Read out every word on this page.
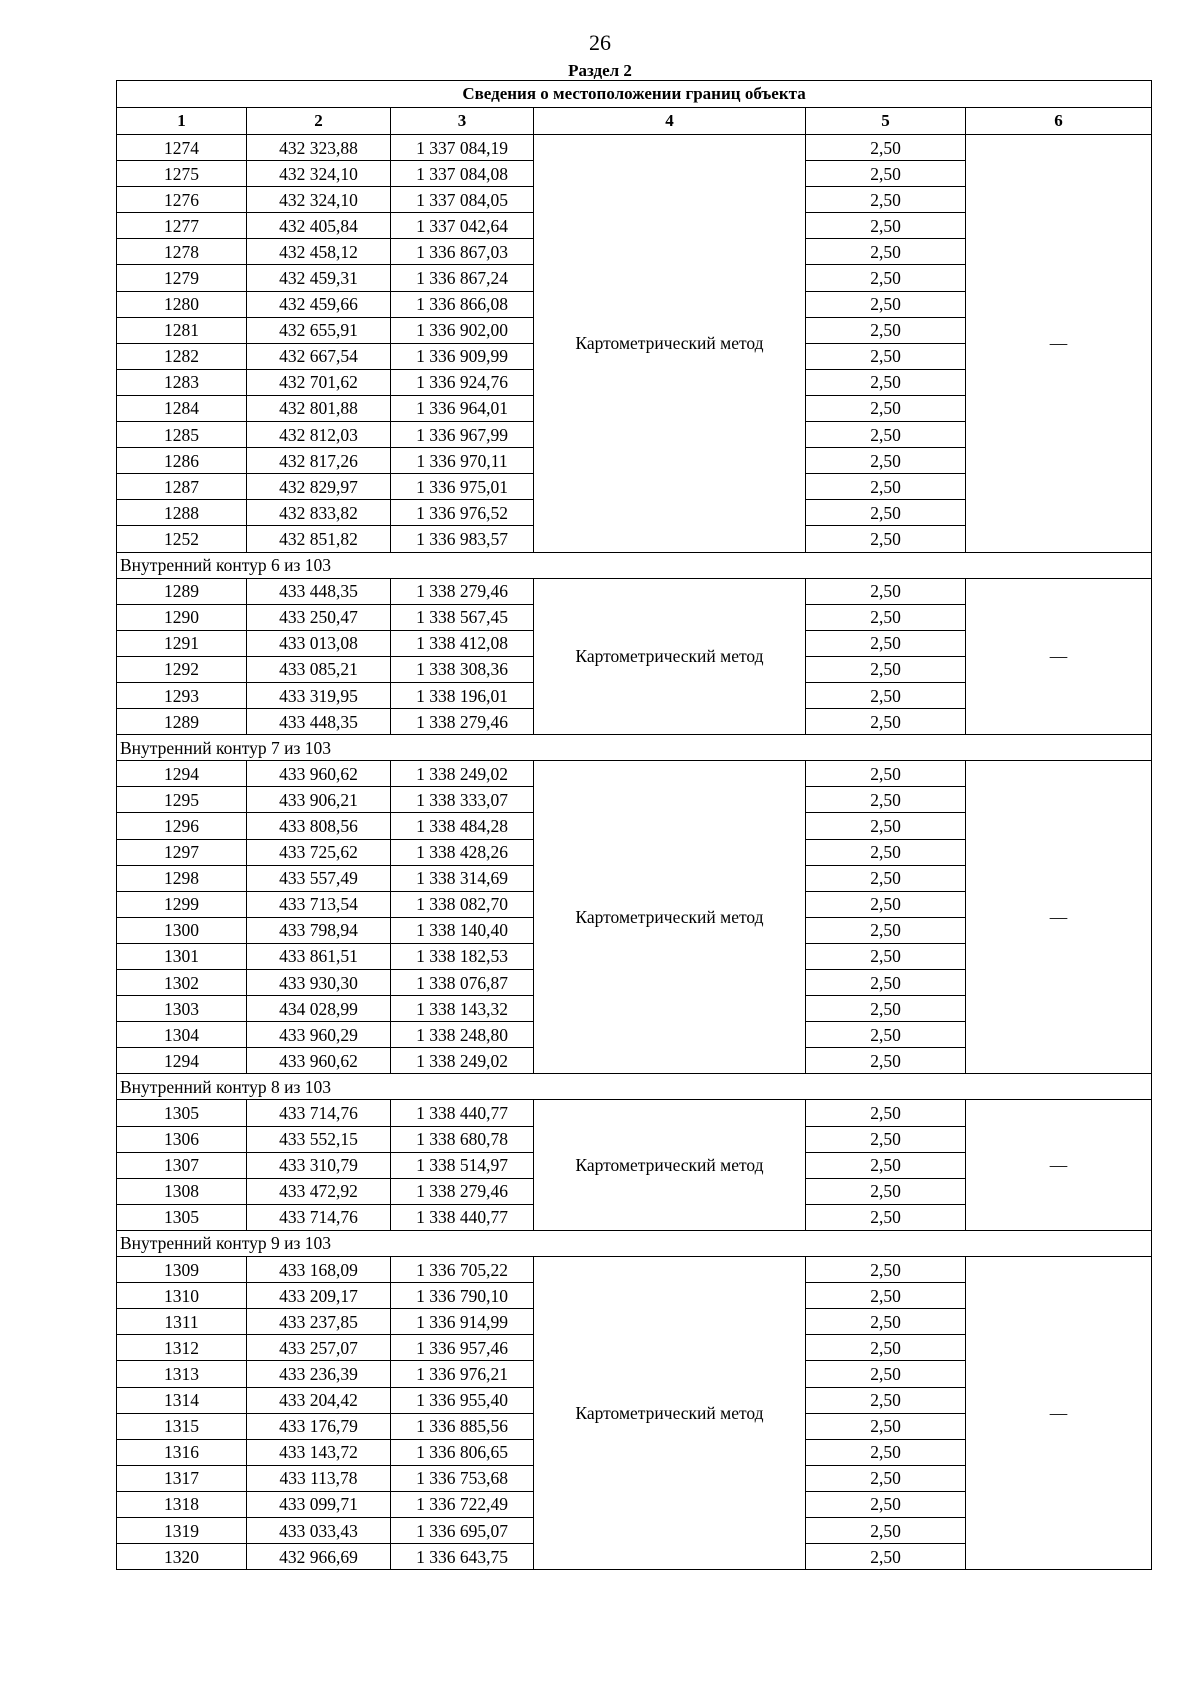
26
Раздел 2
Сведения о местоположении границ объекта					
1	2	3	4	5	6
1274	432 323,88	1 337 084,19	Картометрический метод	2,50	—
1275	432 324,10	1 337 084,08		2,50	
1276	432 324,10	1 337 084,05		2,50	
1277	432 405,84	1 337 042,64		2,50	
1278	432 458,12	1 336 867,03		2,50	
1279	432 459,31	1 336 867,24		2,50	
1280	432 459,66	1 336 866,08		2,50	
1281	432 655,91	1 336 902,00		2,50	
1282	432 667,54	1 336 909,99		2,50	
1283	432 701,62	1 336 924,76		2,50	
1284	432 801,88	1 336 964,01		2,50	
1285	432 812,03	1 336 967,99		2,50	
1286	432 817,26	1 336 970,11		2,50	
1287	432 829,97	1 336 975,01		2,50	
1288	432 833,82	1 336 976,52		2,50	
1252	432 851,82	1 336 983,57		2,50	
Внутренний контур 6 из 103					
1289	433 448,35	1 338 279,46	Картометрический метод	2,50	—
1290	433 250,47	1 338 567,45		2,50	
1291	433 013,08	1 338 412,08		2,50	
1292	433 085,21	1 338 308,36		2,50	
1293	433 319,95	1 338 196,01		2,50	
1289	433 448,35	1 338 279,46		2,50	
Внутренний контур 7 из 103					
1294	433 960,62	1 338 249,02	Картометрический метод	2,50	—
1295	433 906,21	1 338 333,07		2,50	
1296	433 808,56	1 338 484,28		2,50	
1297	433 725,62	1 338 428,26		2,50	
1298	433 557,49	1 338 314,69		2,50	
1299	433 713,54	1 338 082,70		2,50	
1300	433 798,94	1 338 140,40		2,50	
1301	433 861,51	1 338 182,53		2,50	
1302	433 930,30	1 338 076,87		2,50	
1303	434 028,99	1 338 143,32		2,50	
1304	433 960,29	1 338 248,80		2,50	
1294	433 960,62	1 338 249,02		2,50	
Внутренний контур 8 из 103					
1305	433 714,76	1 338 440,77	Картометрический метод	2,50	—
1306	433 552,15	1 338 680,78		2,50	
1307	433 310,79	1 338 514,97		2,50	
1308	433 472,92	1 338 279,46		2,50	
1305	433 714,76	1 338 440,77		2,50	
Внутренний контур 9 из 103					
1309	433 168,09	1 336 705,22	Картометрический метод	2,50	—
1310	433 209,17	1 336 790,10		2,50	
1311	433 237,85	1 336 914,99		2,50	
1312	433 257,07	1 336 957,46		2,50	
1313	433 236,39	1 336 976,21		2,50	
1314	433 204,42	1 336 955,40		2,50	
1315	433 176,79	1 336 885,56		2,50	
1316	433 143,72	1 336 806,65		2,50	
1317	433 113,78	1 336 753,68		2,50	
1318	433 099,71	1 336 722,49		2,50	
1319	433 033,43	1 336 695,07		2,50	
1320	432 966,69	1 336 643,75		2,50	
